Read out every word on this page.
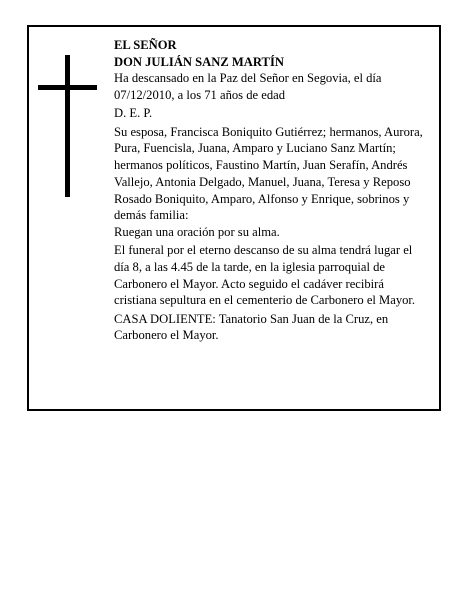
EL SEÑOR
DON JULIÁN SANZ MARTÍN

Ha descansado en la Paz del Señor en Segovia, el día 07/12/2010, a los 71 años de edad

D. E. P.

Su esposa, Francisca Boniquito Gutiérrez; hermanos, Aurora, Pura, Fuencisla, Juana, Amparo y Luciano Sanz Martín; hermanos políticos, Faustino Martín, Juan Serafín, Andrés Vallejo, Antonia Delgado, Manuel, Juana, Teresa y Reposo Rosado Boniquito, Amparo, Alfonso y Enrique, sobrinos y demás familia:

Ruegan una oración por su alma.

El funeral por el eterno descanso de su alma tendrá lugar el día 8, a las 4.45 de la tarde, en la iglesia parroquial de Carbonero el Mayor. Acto seguido el cadáver recibirá cristiana sepultura en el cementerio de Carbonero el Mayor.

CASA DOLIENTE: Tanatorio San Juan de la Cruz, en Carbonero el Mayor.
